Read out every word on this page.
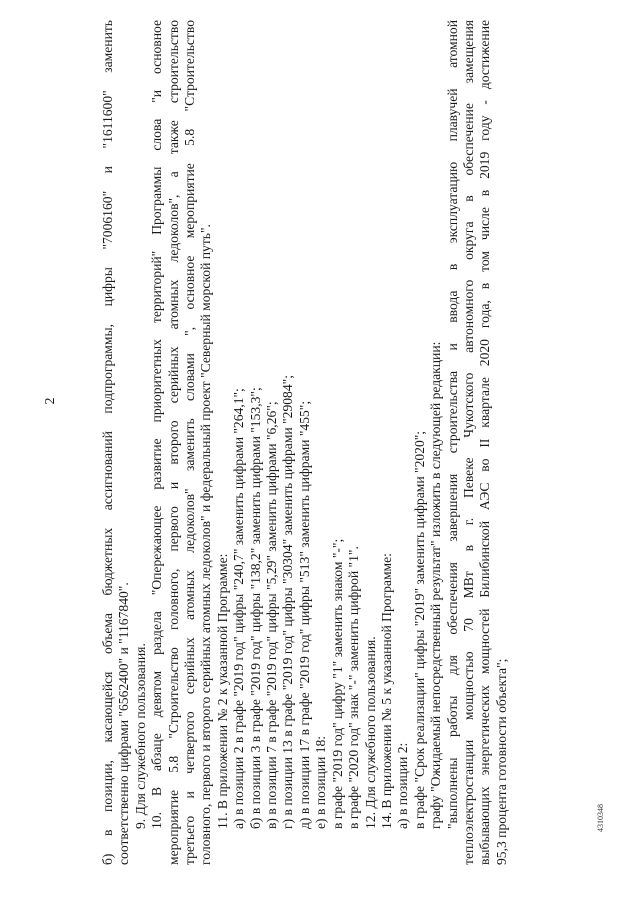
2	б) в позиции, касающейся объема бюджетных ассигнований подпрограммы, цифры "7006160" и "1611600" заменить соответственно цифрами "6562400" и "1167840". 9. Для служебного пользования. 10. В абзаце девятом раздела "Опережающее развитие приоритетных территорий" Программы слова "и основное мероприятие 5.8 "Строительство головного, первого и второго серийных атомных ледоколов", а также строительство третьего и четвертого серийных атомных ледоколов" заменить словами ", основное мероприятие 5.8 "Строительство головного, первого и второго серийных атомных ледоколов" и федеральный проект "Северный морской путь". 11. В приложении № 2 к указанной Программе: а) в позиции 2 в графе "2019 год" цифры "240,7" заменить цифрами "264,1"; б) в позиции 3 в графе "2019 год" цифры "138,2" заменить цифрами "153,3"; в) в позиции 7 в графе "2019 год" цифры "5,29" заменить цифрами "6,26"; г) в позиции 13 в графе "2019 год" цифры "30304" заменить цифрами "29084"; д) в позиции 17 в графе "2019 год" цифры "513" заменить цифрами "455"; е) в позиции 18: в графе "2019 год" цифру "1" заменить знаком "-"; в графе "2020 год" знак "-" заменить цифрой "1". 12. Для служебного пользования. 14. В приложении № 5 к указанной Программе: а) в позиции 2: в графе "Срок реализации" цифры "2019" заменить цифрами "2020"; графу "Ожидаемый непосредственный результат" изложить в следующей редакции: "выполнены работы для обеспечения завершения строительства и ввода в эксплуатацию плавучей атомной теплоэлектростанции мощностью 70 МВт в г. Певеке Чукотского автономного округа в обеспечение замещения выбывающих энергетических мощностей Билибинской АЭС во II квартале 2020 года, в том числе в 2019 году - достижение 95,3 процента готовности объекта";	4310348
